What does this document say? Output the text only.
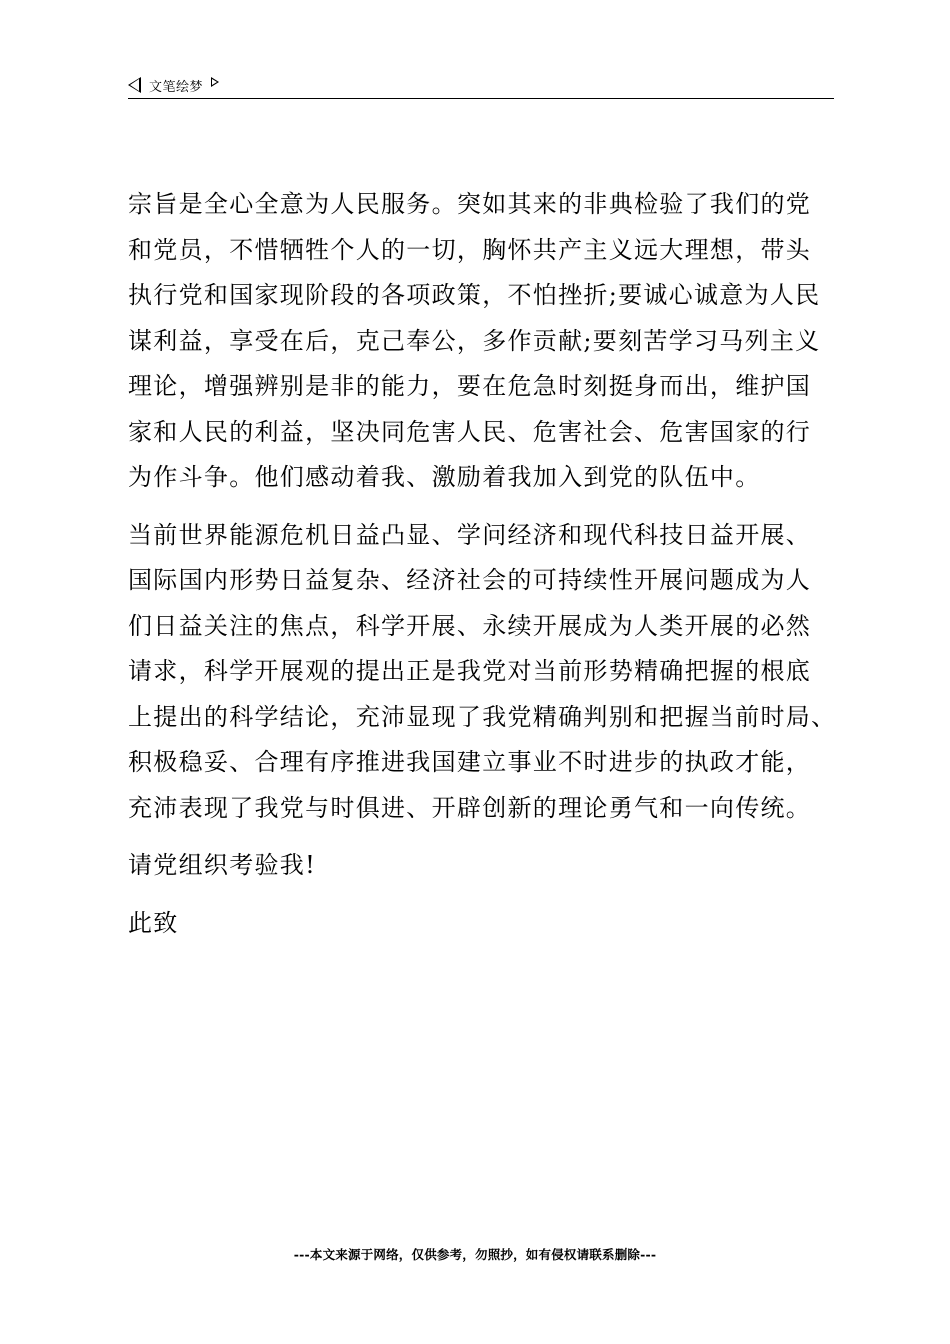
文笔绘梦

宗旨是全心全意为人民服务。突如其来的非典检验了我们的党
和党员，不惜牺牲个人的一切，胸怀共产主义远大理想，带头
执行党和国家现阶段的各项政策，不怕挫折;要诚心诚意为人民
谋利益，享受在后，克己奉公，多作贡献;要刻苦学习马列主义
理论，增强辨别是非的能力，要在危急时刻挺身而出，维护国
家和人民的利益，坚决同危害人民、危害社会、危害国家的行
为作斗争。他们感动着我、激励着我加入到党的队伍中。

当前世界能源危机日益凸显、学问经济和现代科技日益开展、
国际国内形势日益复杂、经济社会的可持续性开展问题成为人
们日益关注的焦点，科学开展、永续开展成为人类开展的必然
请求，科学开展观的提出正是我党对当前形势精确把握的根底
上提出的科学结论，充沛显现了我党精确判别和把握当前时局、
积极稳妥、合理有序推进我国建立事业不时进步的执政才能，
充沛表现了我党与时俱进、开辟创新的理论勇气和一向传统。

请党组织考验我!

此致

---本文来源于网络，仅供参考，勿照抄，如有侵权请联系删除---
